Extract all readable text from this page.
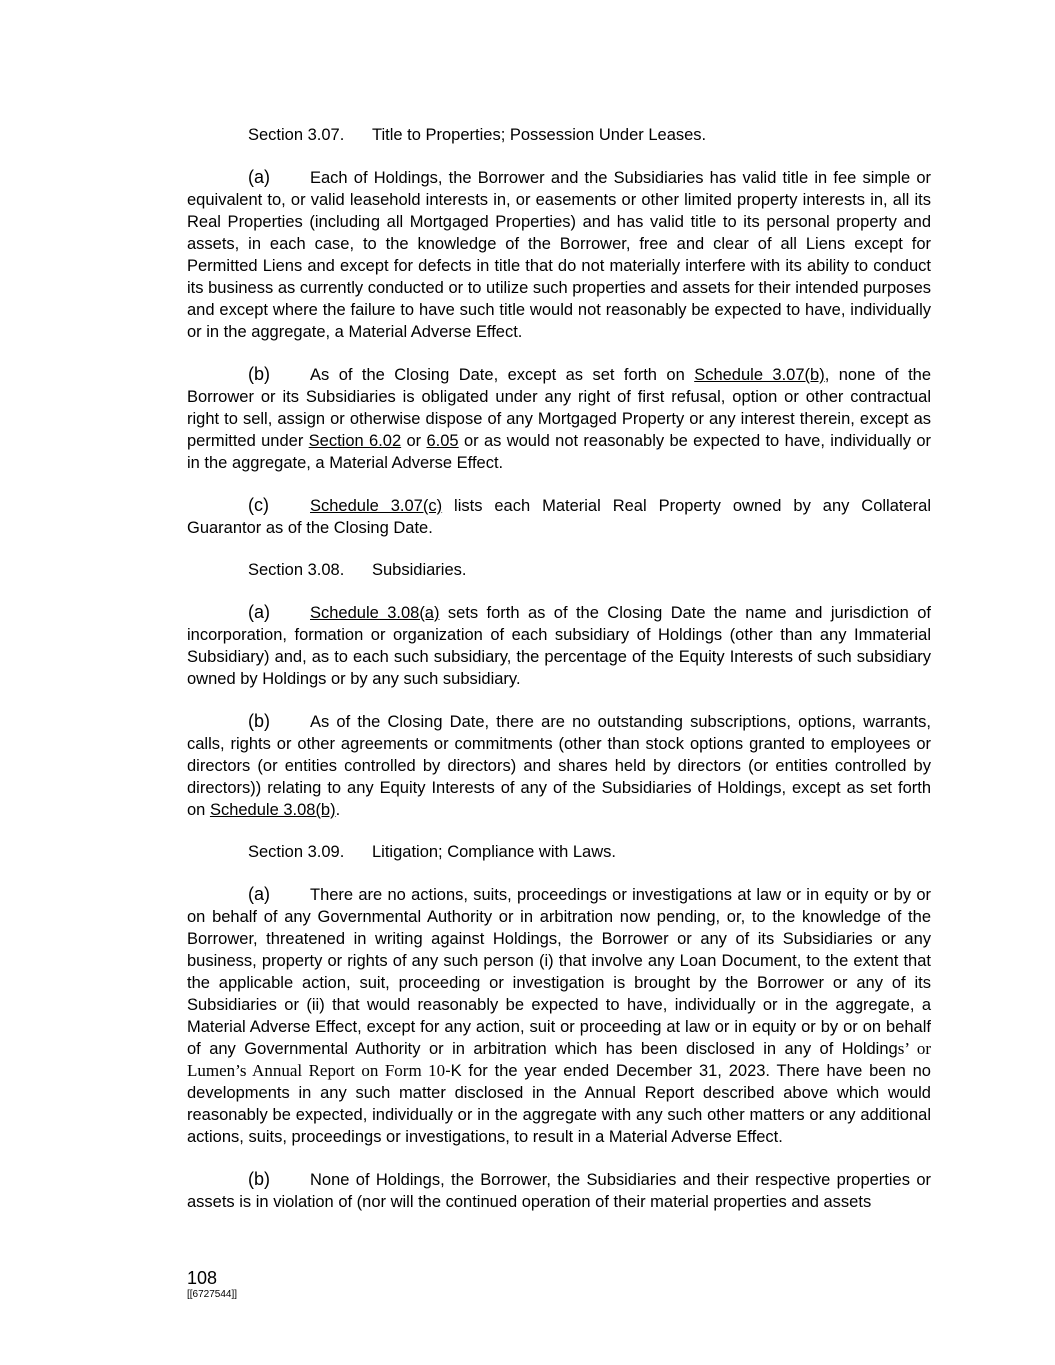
Section 3.07. Title to Properties; Possession Under Leases.

(a) Each of Holdings, the Borrower and the Subsidiaries has valid title in fee simple or equivalent to, or valid leasehold interests in, or easements or other limited property interests in, all its Real Properties (including all Mortgaged Properties) and has valid title to its personal property and assets, in each case, to the knowledge of the Borrower, free and clear of all Liens except for Permitted Liens and except for defects in title that do not materially interfere with its ability to conduct its business as currently conducted or to utilize such properties and assets for their intended purposes and except where the failure to have such title would not reasonably be expected to have, individually or in the aggregate, a Material Adverse Effect.

(b) As of the Closing Date, except as set forth on Schedule 3.07(b), none of the Borrower or its Subsidiaries is obligated under any right of first refusal, option or other contractual right to sell, assign or otherwise dispose of any Mortgaged Property or any interest therein, except as permitted under Section 6.02 or 6.05 or as would not reasonably be expected to have, individually or in the aggregate, a Material Adverse Effect.

(c) Schedule 3.07(c) lists each Material Real Property owned by any Collateral Guarantor as of the Closing Date.

Section 3.08. Subsidiaries.

(a) Schedule 3.08(a) sets forth as of the Closing Date the name and jurisdiction of incorporation, formation or organization of each subsidiary of Holdings (other than any Immaterial Subsidiary) and, as to each such subsidiary, the percentage of the Equity Interests of such subsidiary owned by Holdings or by any such subsidiary.

(b) As of the Closing Date, there are no outstanding subscriptions, options, warrants, calls, rights or other agreements or commitments (other than stock options granted to employees or directors (or entities controlled by directors) and shares held by directors (or entities controlled by directors)) relating to any Equity Interests of any of the Subsidiaries of Holdings, except as set forth on Schedule 3.08(b).

Section 3.09. Litigation; Compliance with Laws.

(a) There are no actions, suits, proceedings or investigations at law or in equity or by or on behalf of any Governmental Authority or in arbitration now pending, or, to the knowledge of the Borrower, threatened in writing against Holdings, the Borrower or any of its Subsidiaries or any business, property or rights of any such person (i) that involve any Loan Document, to the extent that the applicable action, suit, proceeding or investigation is brought by the Borrower or any of its Subsidiaries or (ii) that would reasonably be expected to have, individually or in the aggregate, a Material Adverse Effect, except for any action, suit or proceeding at law or in equity or by or on behalf of any Governmental Authority or in arbitration which has been disclosed in any of Holdings’ or Lumen’s Annual Report on Form 10-K for the year ended December 31, 2023. There have been no developments in any such matter disclosed in the Annual Report described above which would reasonably be expected, individually or in the aggregate with any such other matters or any additional actions, suits, proceedings or investigations, to result in a Material Adverse Effect.

(b) None of Holdings, the Borrower, the Subsidiaries and their respective properties or assets is in violation of (nor will the continued operation of their material properties and assets

108
[[6727544]]
